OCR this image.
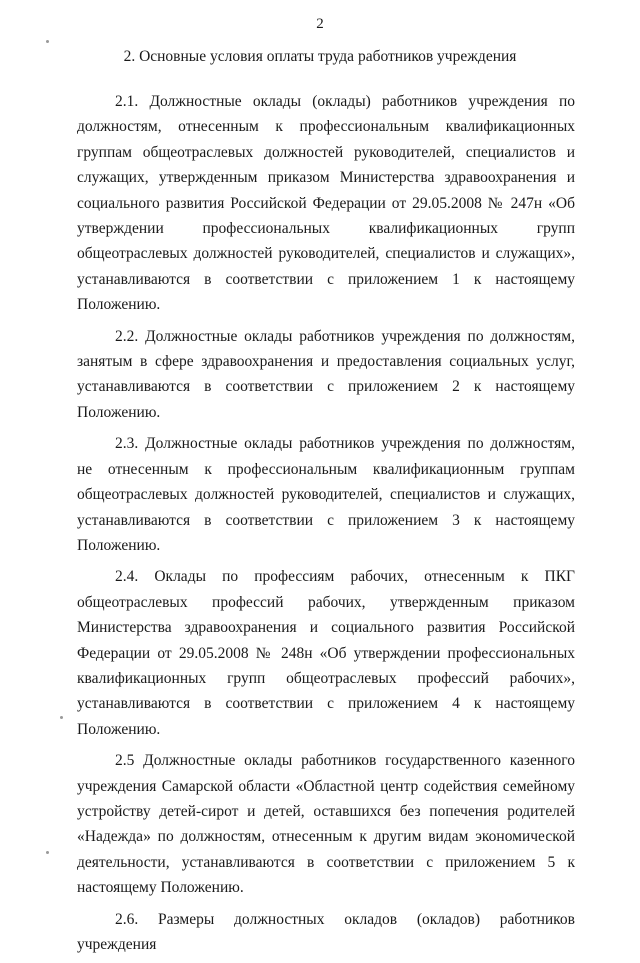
2
2. Основные условия оплаты труда работников учреждения

2.1. Должностные оклады (оклады) работников учреждения по должностям, отнесенным к профессиональным квалификационных группам общеотраслевых должностей руководителей, специалистов и служащих, утвержденным приказом Министерства здравоохранения и социального развития Российской Федерации от 29.05.2008 № 247н «Об утверждении профессиональных квалификационных групп общеотраслевых должностей руководителей, специалистов и служащих», устанавливаются в соответствии с приложением 1 к настоящему Положению.

2.2. Должностные оклады работников учреждения по должностям, занятым в сфере здравоохранения и предоставления социальных услуг, устанавливаются в соответствии с приложением 2 к настоящему Положению.

2.3. Должностные оклады работников учреждения по должностям, не отнесенным к профессиональным квалификационным группам общеотраслевых должностей руководителей, специалистов и служащих, устанавливаются в соответствии с приложением 3 к настоящему Положению.

2.4. Оклады по профессиям рабочих, отнесенным к ПКГ общеотраслевых профессий рабочих, утвержденным приказом Министерства здравоохранения и социального развития Российской Федерации от 29.05.2008 № 248н «Об утверждении профессиональных квалификационных групп общеотраслевых профессий рабочих», устанавливаются в соответствии с приложением 4 к настоящему Положению.

2.5 Должностные оклады работников государственного казенного учреждения Самарской области «Областной центр содействия семейному устройству детей-сирот и детей, оставшихся без попечения родителей «Надежда» по должностям, отнесенным к другим видам экономической деятельности, устанавливаются в соответствии с приложением 5 к настоящему Положению.

2.6. Размеры должностных окладов (окладов) работников учреждения
